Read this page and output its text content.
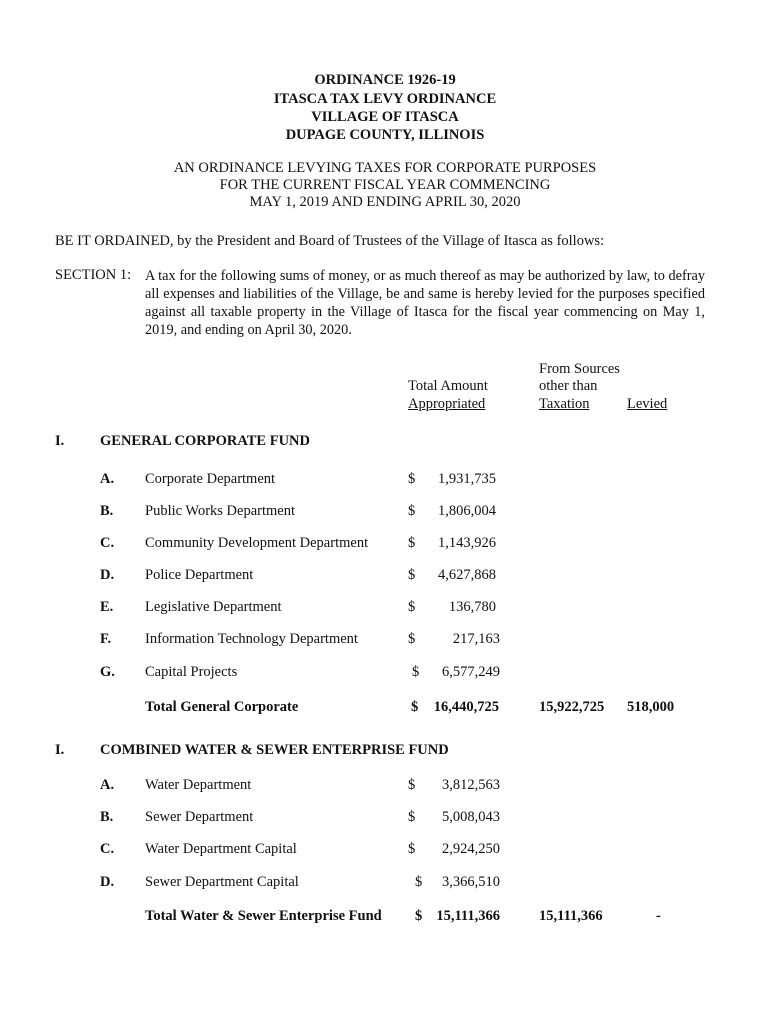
ORDINANCE 1926-19
ITASCA TAX LEVY ORDINANCE
VILLAGE OF ITASCA
DUPAGE COUNTY, ILLINOIS
AN ORDINANCE LEVYING TAXES FOR CORPORATE PURPOSES
FOR THE CURRENT FISCAL YEAR COMMENCING
MAY 1, 2019 AND ENDING APRIL 30, 2020
BE IT ORDAINED, by the President and Board of Trustees of the Village of Itasca as follows:
SECTION 1: A tax for the following sums of money, or as much thereof as may be authorized by law, to defray all expenses and liabilities of the Village, be and same is hereby levied for the purposes specified against all taxable property in the Village of Itasca for the fiscal year commencing on May 1, 2019, and ending on April 30, 2020.
Total Amount
Appropriated
From Sources
other than
Taxation	Levied
I. GENERAL CORPORATE FUND
A. Corporate Department	$	1,931,735
B. Public Works Department	$	1,806,004
C. Community Development Department	$	1,143,926
D. Police Department	$	4,627,868
E. Legislative Department	$	136,780
F. Information Technology Department	$	217,163
G. Capital Projects	$	6,577,249
Total General Corporate	$	16,440,725	15,922,725 518,000
I. COMBINED WATER & SEWER ENTERPRISE FUND
A. Water Department	$	3,812,563
B. Sewer Department	$	5,008,043
C. Water Department Capital	$	2,924,250
D. Sewer Department Capital	$	3,366,510
Total Water & Sewer Enterprise Fund $ 15,111,366	15,111,366	-
